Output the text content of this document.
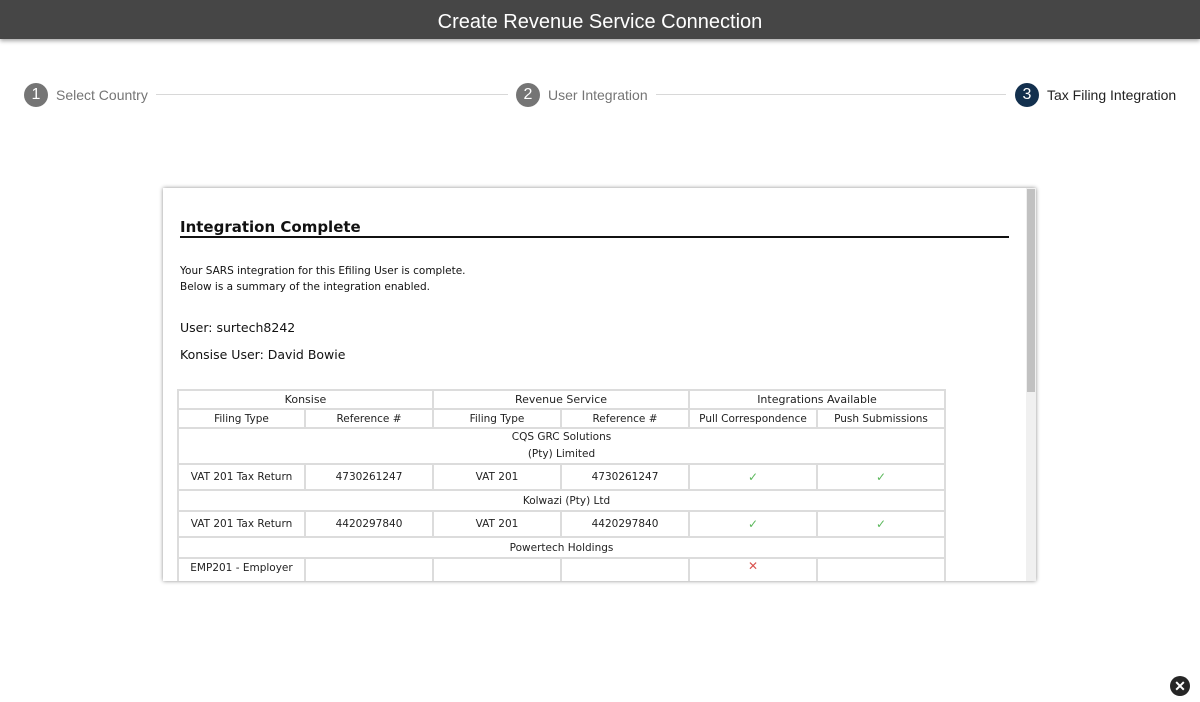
Create Revenue Service Connection
1	Select Country	2	User Integration	3	Tax Filing Integration
Integration Complete
Your SARS integration for this Efiling User is complete.
Below is a summary of the integration enabled.
User: surtech8242
Konsise User: David Bowie
Konsise		Revenue Service		Integrations Available	
Filing Type	Reference #	Filing Type	Reference #	Pull Correspondence	Push Submissions
CQS GRC Solutions (Pty) Limited					
VAT 201 Tax Return	4730261247	VAT 201	4730261247	✓	✓
Kolwazi (Pty) Ltd					
VAT 201 Tax Return	4420297840	VAT 201	4420297840	✓	✓
Powertech Holdings					
EMP201 - Employer				✕	
✕
